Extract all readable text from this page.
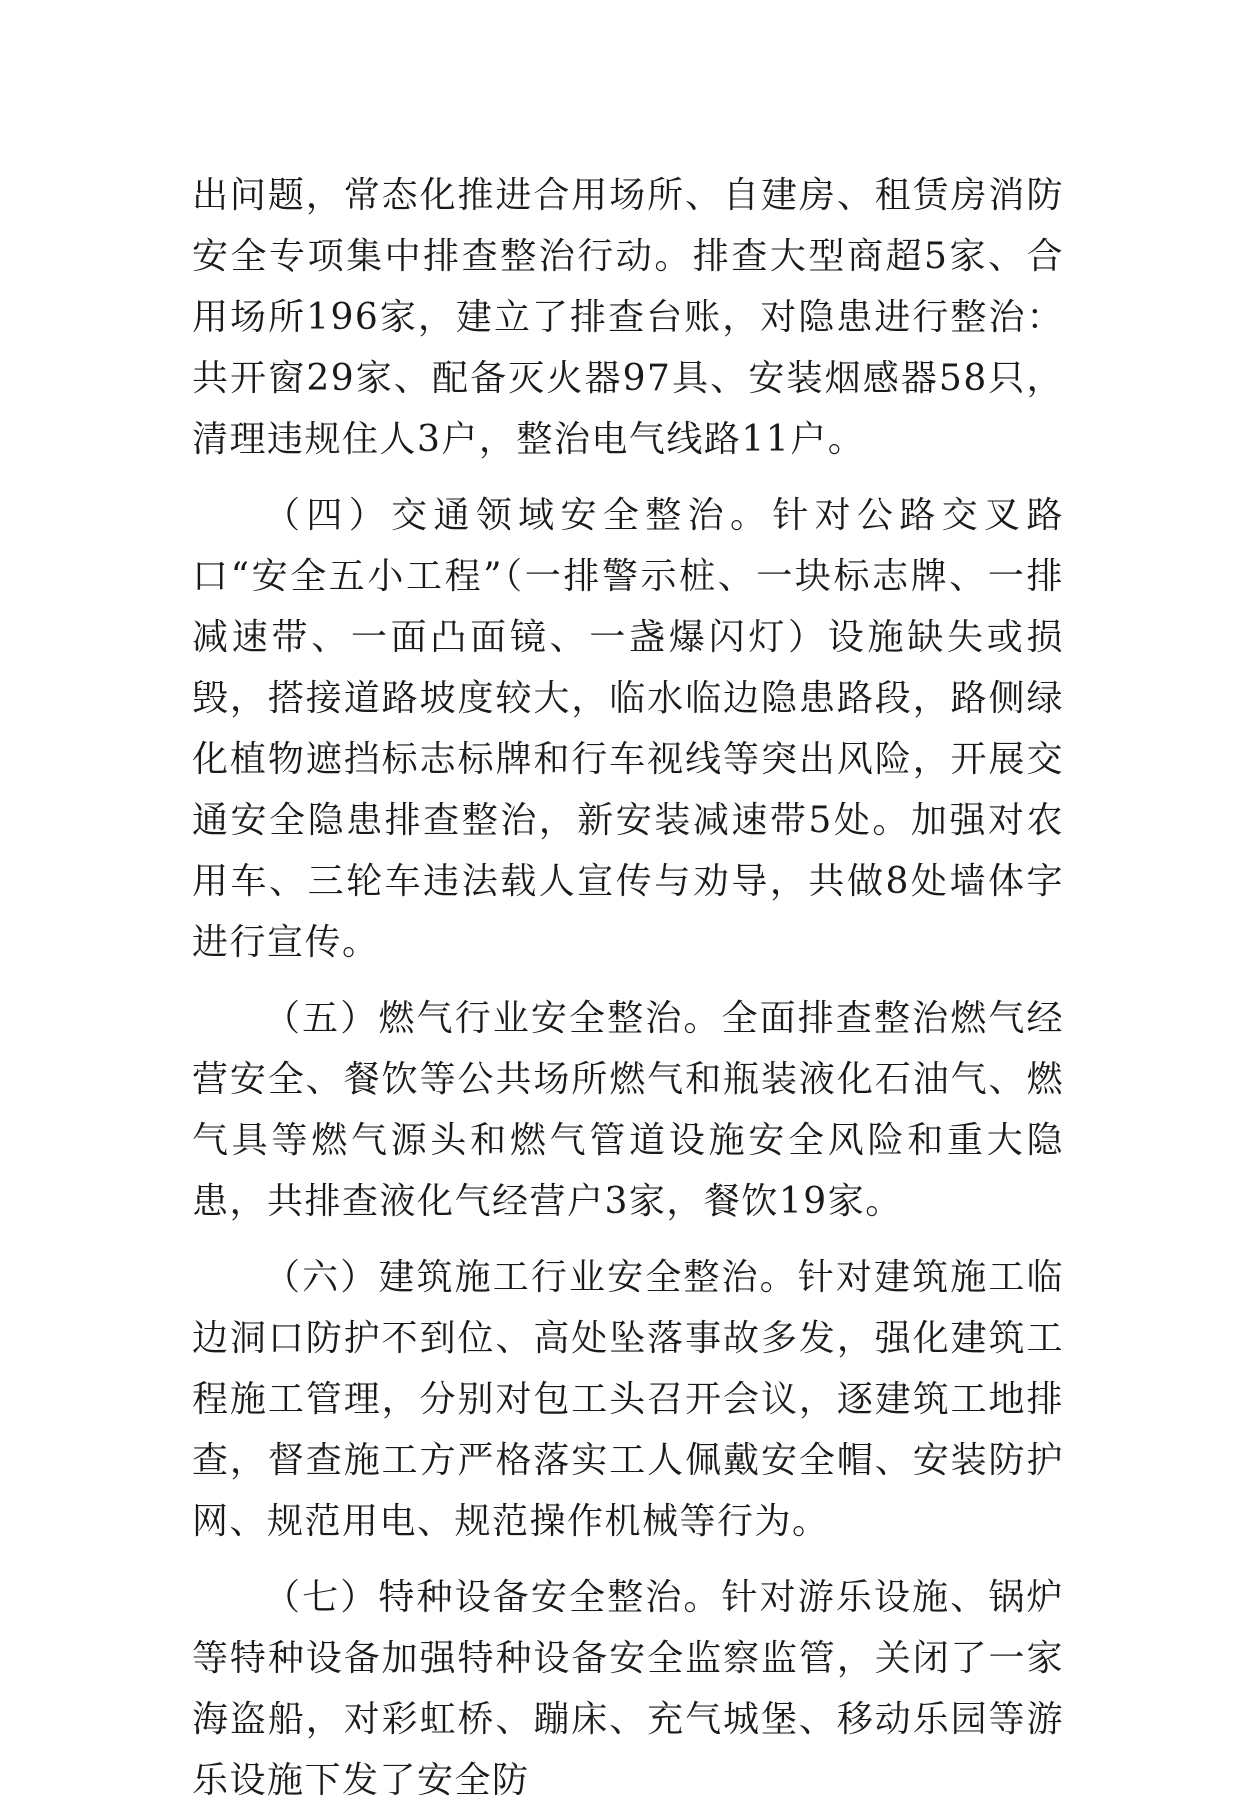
出问题，常态化推进合用场所、自建房、租赁房消防安全专项集中排查整治行动。排查大型商超5家、合用场所196家，建立了排查台账，对隐患进行整治：共开窗29家、配备灭火器97具、安装烟感器58只，清理违规住人3户，整治电气线路11户。

（四）交通领域安全整治。针对公路交叉路口“安全五小工程”（一排警示桩、一块标志牌、一排减速带、一面凸面镜、一盏爆闪灯）设施缺失或损毁，搭接道路坡度较大，临水临边隐患路段，路侧绿化植物遮挡标志标牌和行车视线等突出风险，开展交通安全隐患排查整治，新安装减速带5处。加强对农用车、三轮车违法载人宣传与劝导，共做8处墙体字进行宣传。

（五）燃气行业安全整治。全面排查整治燃气经营安全、餐饮等公共场所燃气和瓶装液化石油气、燃气具等燃气源头和燃气管道设施安全风险和重大隐患，共排查液化气经营户3家，餐饮19家。

（六）建筑施工行业安全整治。针对建筑施工临边洞口防护不到位、高处坠落事故多发，强化建筑工程施工管理，分别对包工头召开会议，逐建筑工地排查，督查施工方严格落实工人佩戴安全帽、安装防护网、规范用电、规范操作机械等行为。

（七）特种设备安全整治。针对游乐设施、锅炉等特种设备加强特种设备安全监察监管，关闭了一家海盗船，对彩虹桥、蹦床、充气城堡、移动乐园等游乐设施下发了安全防
